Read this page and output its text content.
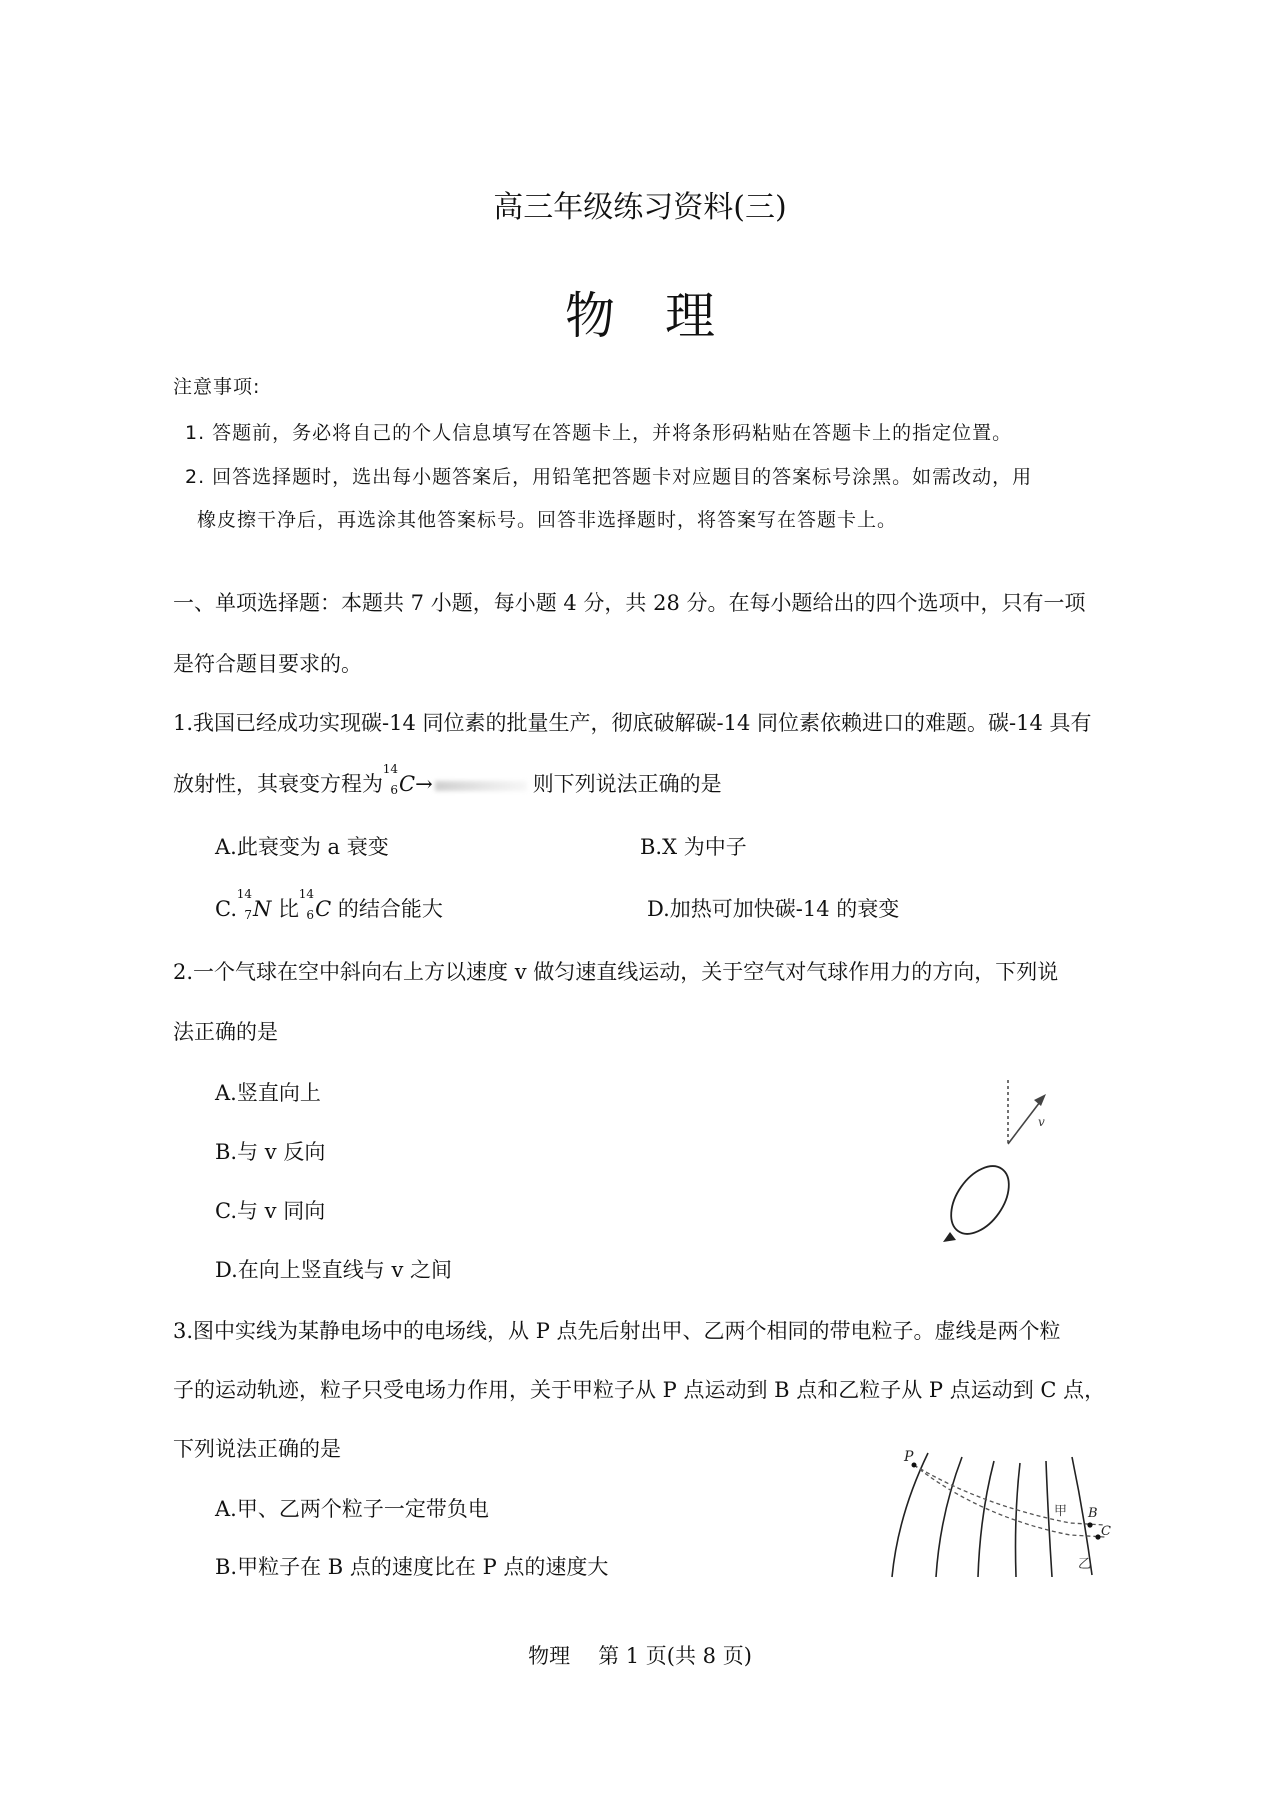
高三年级练习资料(三)
物　理
注意事项:
1. 答题前，务必将自己的个人信息填写在答题卡上，并将条形码粘贴在答题卡上的指定位置。
2. 回答选择题时，选出每小题答案后，用铅笔把答题卡对应题目的答案标号涂黑。如需改动，用
橡皮擦干净后，再选涂其他答案标号。回答非选择题时，将答案写在答题卡上。
一、单项选择题：本题共 7 小题，每小题 4 分，共 28 分。在每小题给出的四个选项中，只有一项
是符合题目要求的。
1.我国已经成功实现碳-14 同位素的批量生产，彻底破解碳-14 同位素依赖进口的难题。碳-14 具有
放射性，其衰变方程为
14
6 C→	则下列说法正确的是
A.此衰变为 a 衰变	B.X 为中子
C.
14
7 N 比
14
6 C 的结合能大	D.加热可加快碳-14 的衰变
2.一个气球在空中斜向右上方以速度 v 做匀速直线运动，关于空气对气球作用力的方向，下列说
法正确的是
A.竖直向上
B.与 v 反向
C.与 v 同向
D.在向上竖直线与 v 之间
v
3.图中实线为某静电场中的电场线，从 P 点先后射出甲、乙两个相同的带电粒子。虚线是两个粒
子的运动轨迹，粒子只受电场力作用，关于甲粒子从 P 点运动到 B 点和乙粒子从 P 点运动到 C 点，
下列说法正确的是
A.甲、乙两个粒子一定带负电
B.甲粒子在 B 点的速度比在 P 点的速度大
P
甲
乙
B
C
物理 第 1 页(共 8 页)
